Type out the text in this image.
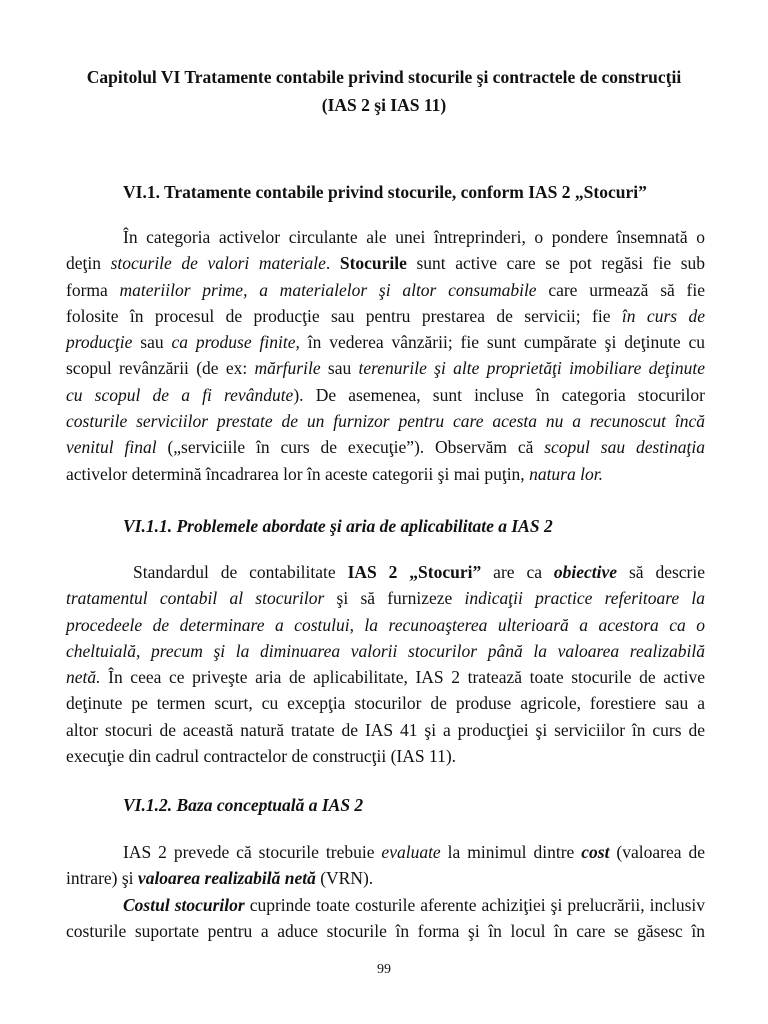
Capitolul VI Tratamente contabile privind stocurile şi contractele de construcţii
(IAS 2 şi IAS 11)
VI.1. Tratamente contabile privind stocurile, conform IAS 2 „Stocuri”
În categoria activelor circulante ale unei întreprinderi, o pondere însemnată o
deţin stocurile de valori materiale. Stocurile sunt active care se pot regăsi fie sub
forma materiilor prime, a materialelor şi altor consumabile care urmează să fie
folosite în procesul de producţie sau pentru prestarea de servicii; fie în curs de
producţie sau ca produse finite, în vederea vânzării; fie sunt cumpărate şi deţinute cu
scopul revânzării (de ex: mărfurile sau terenurile şi alte proprietăţi imobiliare deţinute
cu scopul de a fi revândute). De asemenea, sunt incluse în categoria stocurilor
costurile serviciilor prestate de un furnizor pentru care acesta nu a recunoscut încă
venitul final („serviciile în curs de execuţie”). Observăm că scopul sau destinaţia
activelor determină încadrarea lor în aceste categorii şi mai puţin, natura lor.
VI.1.1. Problemele abordate şi aria de aplicabilitate a IAS 2
Standardul de contabilitate IAS 2 „Stocuri” are ca obiective să descrie
tratamentul contabil al stocurilor şi să furnizeze indicaţii practice referitoare la
procedeele de determinare a costului, la recunoaşterea ulterioară a acestora ca o
cheltuială, precum şi la diminuarea valorii stocurilor până la valoarea realizabilă
netă. În ceea ce priveşte aria de aplicabilitate, IAS 2 tratează toate stocurile de active
deţinute pe termen scurt, cu excepţia stocurilor de produse agricole, forestiere sau a
altor stocuri de această natură tratate de IAS 41 şi a producţiei şi serviciilor în curs de
execuţie din cadrul contractelor de construcţii (IAS 11).
VI.1.2. Baza conceptuală a IAS 2
IAS 2 prevede că stocurile trebuie evaluate la minimul dintre cost (valoarea de
intrare) şi valoarea realizabilă netă (VRN).
Costul stocurilor cuprinde toate costurile aferente achiziţiei şi prelucrării, inclusiv
costurile suportate pentru a aduce stocurile în forma şi în locul în care se găsesc în
99
